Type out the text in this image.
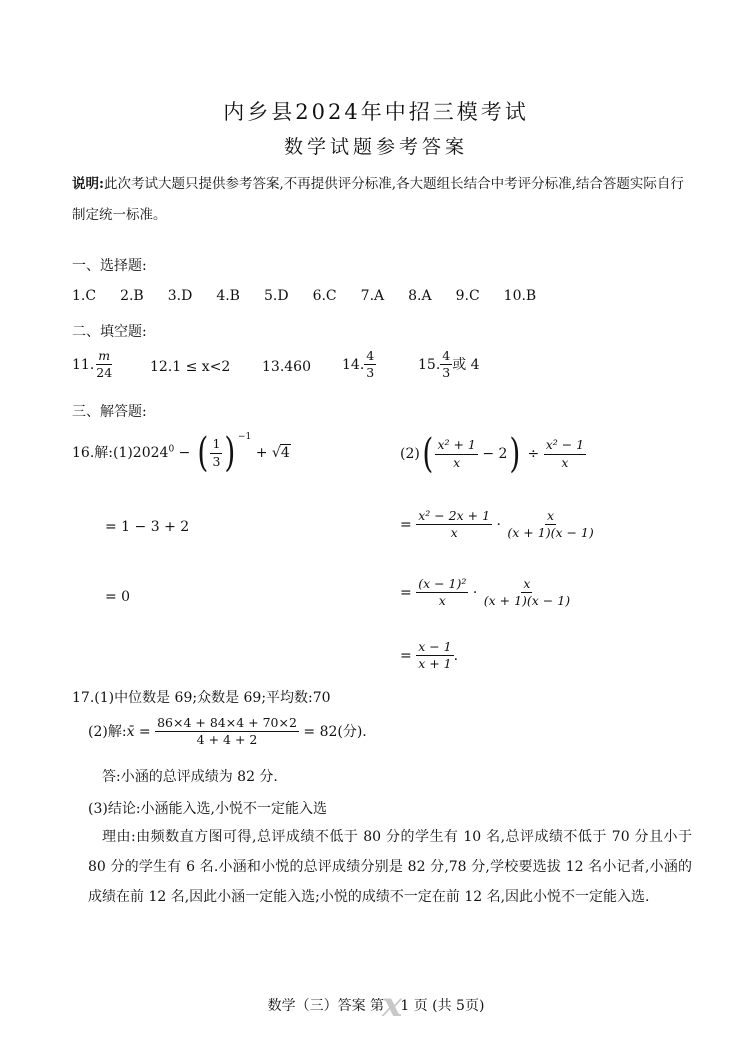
内乡县2024年中招三模考试
数学试题参考答案
说明:此次考试大题只提供参考答案,不再提供评分标准,各大题组长结合中考评分标准,结合答题实际自行制定统一标准。
一、选择题:
1.C 2.B 3.D 4.B 5.D 6.C 7.A 8.A 9.C 10.B
二、填空题:
11. $\frac{m}{24}$	12.1 ≤ x<2 13.460 14. $\frac{4}{3}$	15. $\frac{4}{3}$ 或 4
三、解答题:
16.解$:(1)2024^0$ − ( $\frac{1}{3}$ ) $^{-1}$ + √4
= 1 − 3 + 2
= 0
$(2)( \frac{\text{x² + 1}}{x} - 2) \div \frac{\text{x² − 1}}{x}$
= $\frac{\text{x² − 2x + 1}}{x} \cdot \frac{x}{(x + 1)(x - 1)}$
= $\frac{\text{(x − 1)²}}{x} \cdot \frac{x}{(x + 1)(x - 1)}$
= $\frac{x - 1}{x + 1}$ .
17.(1)中位数是 69;众数是 69;平均数:70
(2)解:x̄ = $\frac{86\times 4 + 84\times 4 + 70\times 2}{4 + 4 + 2} = 82$(分).
答:小涵的总评成绩为 82 分.
(3)结论:小涵能入选,小悦不一定能入选
理由:由频数直方图可得,总评成绩不低于 80 分的学生有 10 名,总评成绩不低于 70 分且小于 80 分的学生有 6 名.小涵和小悦的总评成绩分别是 82 分,78 分,学校要选拔 12 名小记者,小涵的成绩在前 12 名,因此小涵一定能入选;小悦的成绩不一定在前 12 名,因此小悦不一定能入选.
数学（三）答案 第x1 页 (共 5页)
